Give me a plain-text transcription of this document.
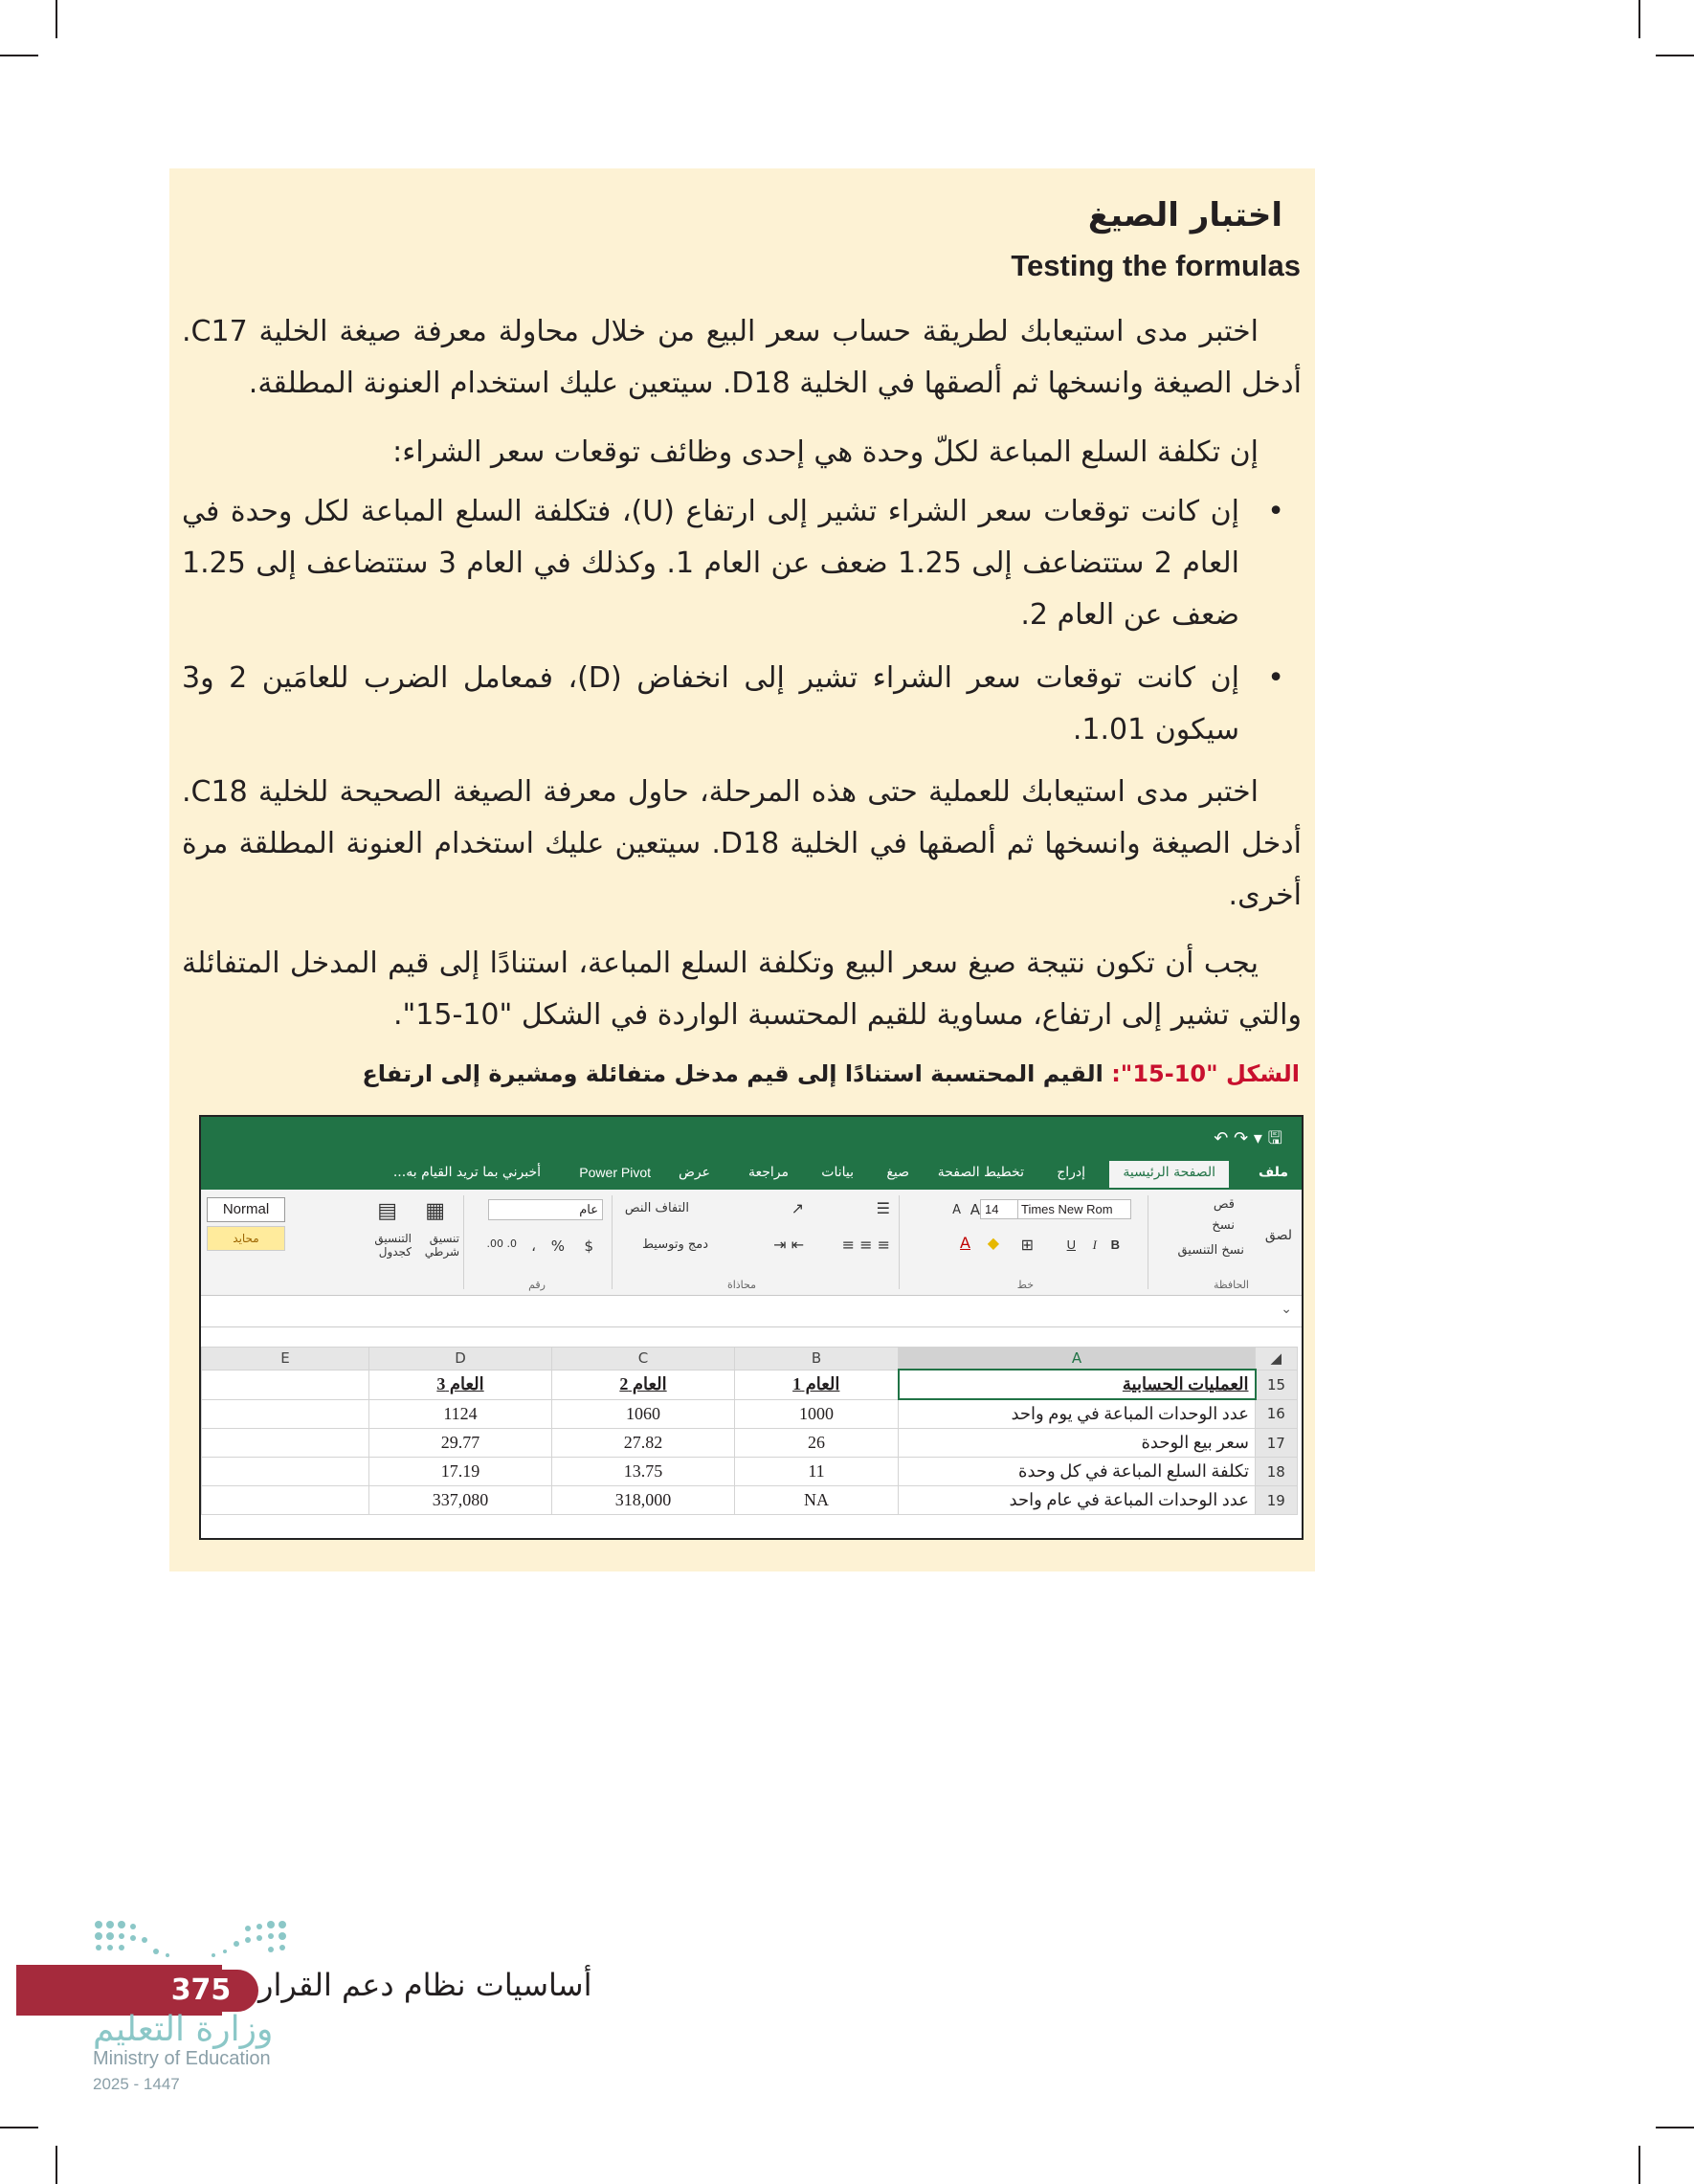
اختبار الصيغ
Testing the formulas

اختبر مدى استيعابك لطريقة حساب سعر البيع من خلال محاولة معرفة صيغة الخلية C17. أدخل الصيغة وانسخها ثم ألصقها في الخلية D18. سيتعين عليك استخدام العنونة المطلقة.

إن تكلفة السلع المباعة لكلّ وحدة هي إحدى وظائف توقعات سعر الشراء:

•
إن كانت توقعات سعر الشراء تشير إلى ارتفاع (U)، فتكلفة السلع المباعة لكل وحدة في العام 2 ستتضاعف إلى 1.25 ضعف عن العام 1. وكذلك في العام 3 ستتضاعف إلى 1.25 ضعف عن العام 2.
•
إن كانت توقعات سعر الشراء تشير إلى انخفاض (D)، فمعامل الضرب للعامَين 2 و3 سيكون 1.01.

اختبر مدى استيعابك للعملية حتى هذه المرحلة، حاول معرفة الصيغة الصحيحة للخلية C18. أدخل الصيغة وانسخها ثم ألصقها في الخلية D18. سيتعين عليك استخدام العنونة المطلقة مرة أخرى.

يجب أن تكون نتيجة صيغ سعر البيع وتكلفة السلع المباعة، استنادًا إلى قيم المدخل المتفائلة والتي تشير إلى ارتفاع، مساوية للقيم المحتسبة الواردة في الشكل "10-15".

الشكل "10-15": القيم المحتسبة استنادًا إلى قيم مدخل متفائلة ومشيرة إلى ارتفاع
↶ ↷ ▾ 🖫
ملف
الصفحة الرئيسية
إدراج
تخطيط الصفحة
صيغ
بيانات
مراجعة
عرض
Power Pivot
أخبرني بما تريد القيام به...
لصق
قص
نسخ
نسخ التنسيق
الحافظة
Times New Rom
14
A
A
B
I
U
⊞
◆
A
خط
☰
≡ ≡ ≡
↗
⇤ ⇥
التفاف النص
دمج وتوسيط
محاذاة
عام
$
%
،
.00 .0
رقم
▦
تنسيق شرطي
▤
التنسيق كجدول
Normal
محايد
⌄
E	D	C	B	A	◢
	العام 3	العام 2	العام 1	العمليات الحسابية	15
	1124	1060	1000	عدد الوحدات المباعة في يوم واحد	16
	29.77	27.82	26	سعر بيع الوحدة	17
	17.19	13.75	11	تكلفة السلع المباعة في كل وحدة	18
	337,080	318,000	NA	عدد الوحدات المباعة في عام واحد	19
375 أساسيات نظام دعم القرار
وزارة التعليم
Ministry of Education
2025 - 1447
